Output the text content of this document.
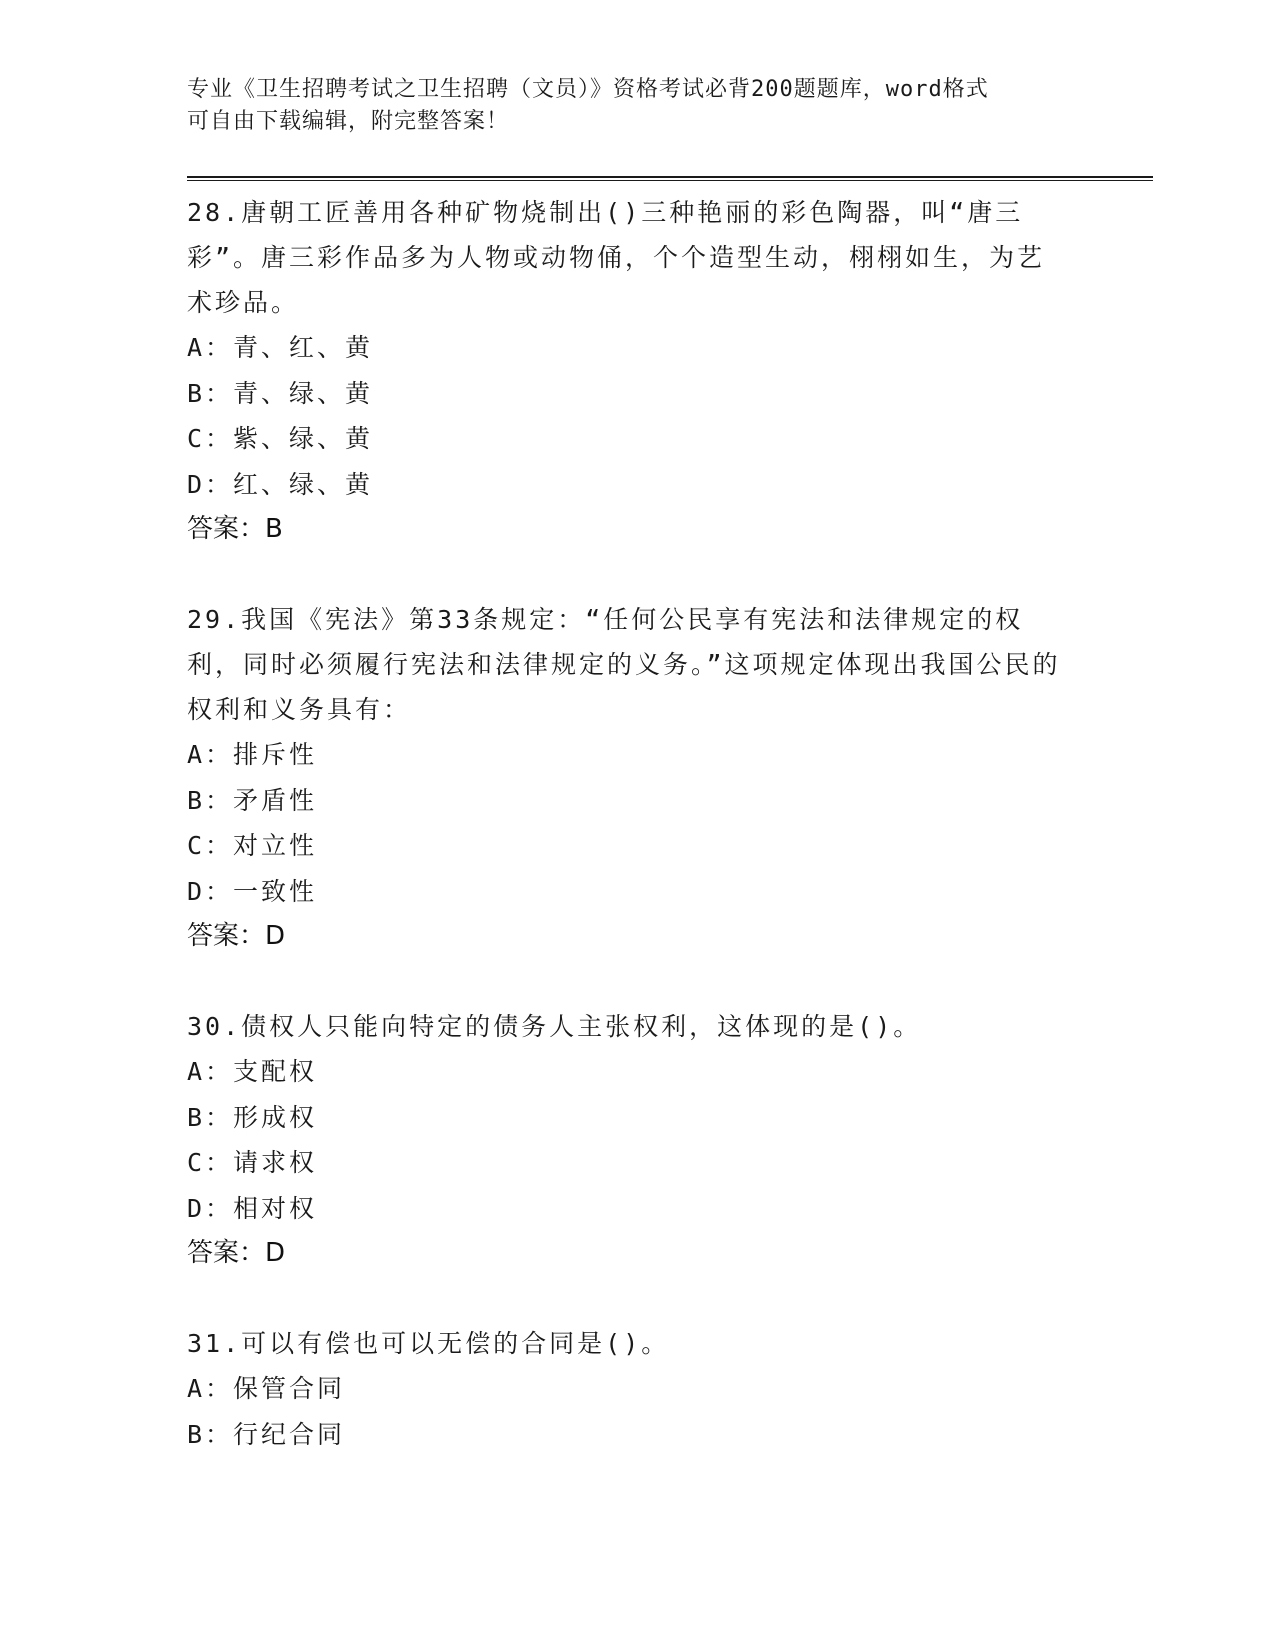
专业《卫生招聘考试之卫生招聘（文员）》资格考试必背200题题库，word格式
可自由下载编辑，附完整答案！

28.唐朝工匠善用各种矿物烧制出()三种艳丽的彩色陶器，叫“唐三彩”。唐三彩作品多为人物或动物俑，个个造型生动，栩栩如生，为艺术珍品。

A：青、红、黄

B：青、绿、黄

C：紫、绿、黄

D：红、绿、黄

答案：B

29.我国《宪法》第33条规定：“任何公民享有宪法和法律规定的权利，同时必须履行宪法和法律规定的义务。”这项规定体现出我国公民的权利和义务具有：

A：排斥性

B：矛盾性

C：对立性

D：一致性

答案：D

30.债权人只能向特定的债务人主张权利，这体现的是()。

A：支配权

B：形成权

C：请求权

D：相对权

答案：D

31.可以有偿也可以无偿的合同是()。

A：保管合同

B：行纪合同
